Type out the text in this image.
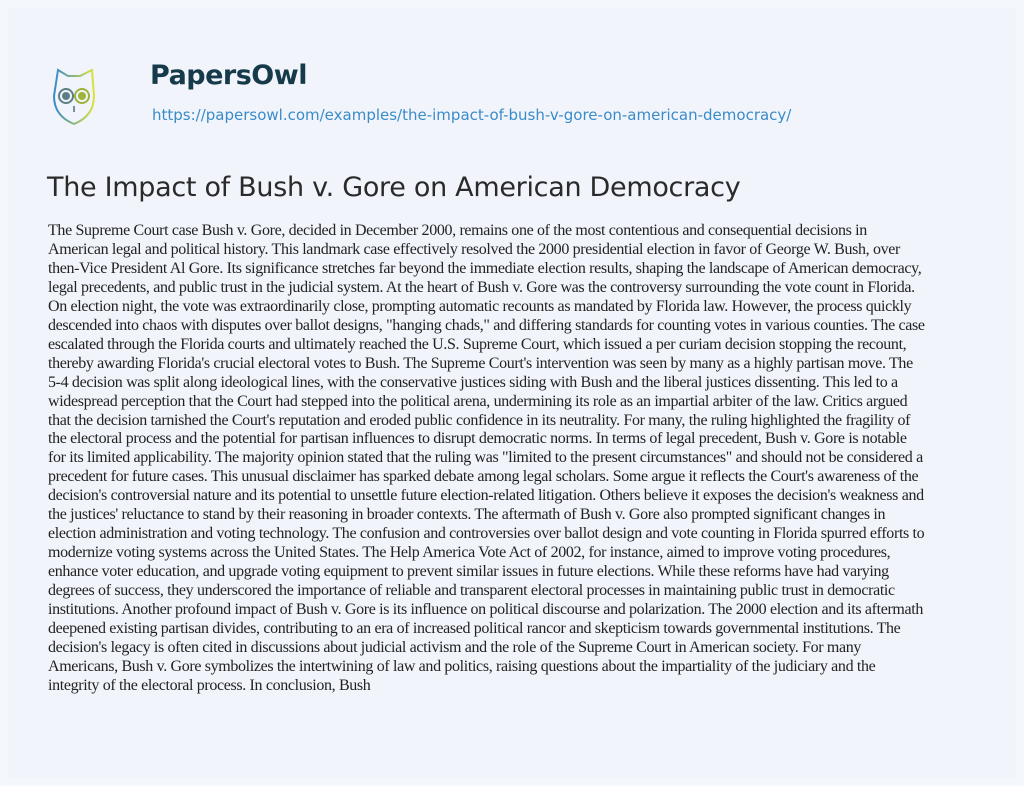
PapersOwl
https://papersowl.com/examples/the-impact-of-bush-v-gore-on-american-democracy/
The Impact of Bush v. Gore on American Democracy
The Supreme Court case Bush v. Gore, decided in December 2000, remains one of the most contentious and consequential decisions in
American legal and political history. This landmark case effectively resolved the 2000 presidential election in favor of George W. Bush, over
then-Vice President Al Gore. Its significance stretches far beyond the immediate election results, shaping the landscape of American democracy,
legal precedents, and public trust in the judicial system. At the heart of Bush v. Gore was the controversy surrounding the vote count in Florida.
On election night, the vote was extraordinarily close, prompting automatic recounts as mandated by Florida law. However, the process quickly
descended into chaos with disputes over ballot designs, "hanging chads," and differing standards for counting votes in various counties. The case
escalated through the Florida courts and ultimately reached the U.S. Supreme Court, which issued a per curiam decision stopping the recount,
thereby awarding Florida's crucial electoral votes to Bush. The Supreme Court's intervention was seen by many as a highly partisan move. The
5-4 decision was split along ideological lines, with the conservative justices siding with Bush and the liberal justices dissenting. This led to a
widespread perception that the Court had stepped into the political arena, undermining its role as an impartial arbiter of the law. Critics argued
that the decision tarnished the Court's reputation and eroded public confidence in its neutrality. For many, the ruling highlighted the fragility of
the electoral process and the potential for partisan influences to disrupt democratic norms. In terms of legal precedent, Bush v. Gore is notable
for its limited applicability. The majority opinion stated that the ruling was "limited to the present circumstances" and should not be considered a
precedent for future cases. This unusual disclaimer has sparked debate among legal scholars. Some argue it reflects the Court's awareness of the
decision's controversial nature and its potential to unsettle future election-related litigation. Others believe it exposes the decision's weakness and
the justices' reluctance to stand by their reasoning in broader contexts. The aftermath of Bush v. Gore also prompted significant changes in
election administration and voting technology. The confusion and controversies over ballot design and vote counting in Florida spurred efforts to
modernize voting systems across the United States. The Help America Vote Act of 2002, for instance, aimed to improve voting procedures,
enhance voter education, and upgrade voting equipment to prevent similar issues in future elections. While these reforms have had varying
degrees of success, they underscored the importance of reliable and transparent electoral processes in maintaining public trust in democratic
institutions. Another profound impact of Bush v. Gore is its influence on political discourse and polarization. The 2000 election and its aftermath
deepened existing partisan divides, contributing to an era of increased political rancor and skepticism towards governmental institutions. The
decision's legacy is often cited in discussions about judicial activism and the role of the Supreme Court in American society. For many
Americans, Bush v. Gore symbolizes the intertwining of law and politics, raising questions about the impartiality of the judiciary and the
integrity of the electoral process. In conclusion, Bush
